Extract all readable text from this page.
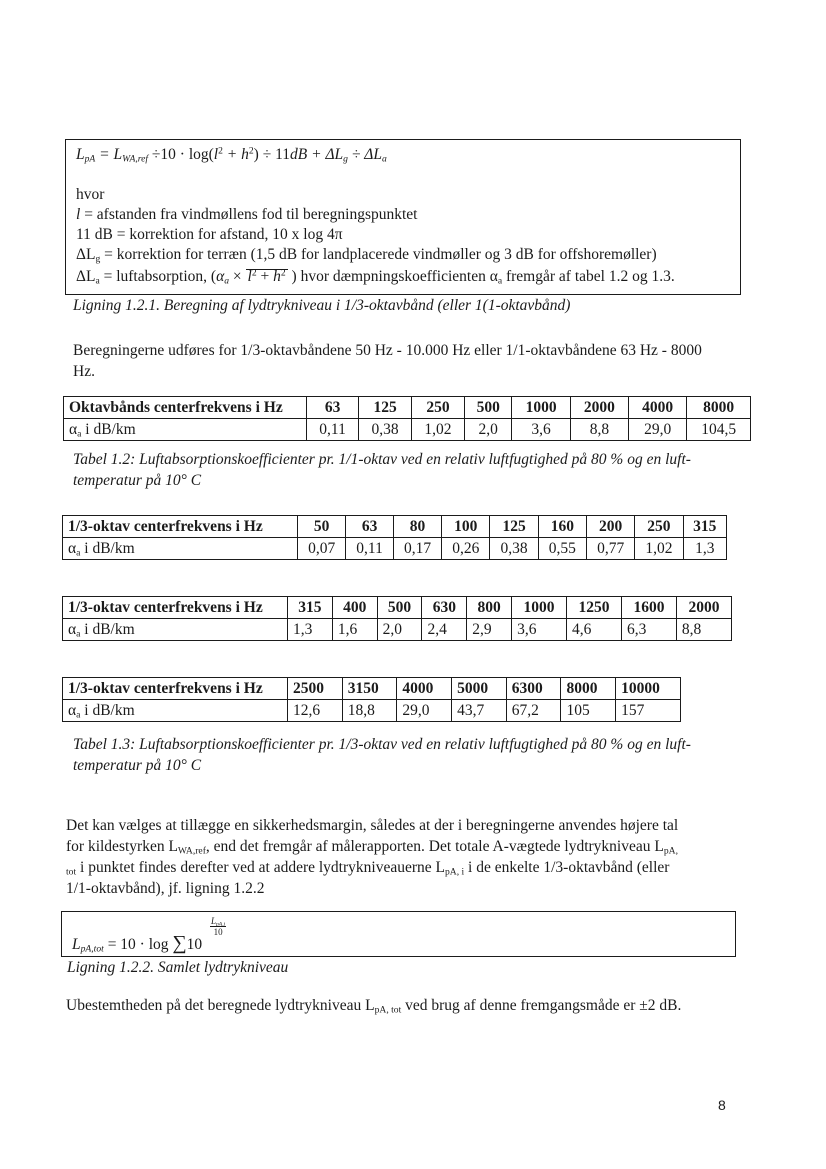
$L_{pA} = L_{WA,ref} \div 10 \cdot \log(l^2 + h^2) \div 11dB + \Delta L_g \div \Delta L_a$
hvor
l = afstanden fra vindmøllens fod til beregningspunktet
11 dB = korrektion for afstand, 10 x log 4π
$\Delta L_g$ = korrektion for terræn (1,5 dB for landplacerede vindmøller og 3 dB for offshoremøller)
$\Delta L_a$ = luftabsorption, ($\alpha_a \times l^2 + h^2$ ) hvor dæmpningskoefficienten $\alpha_a$ fremgår af tabel 1.2 og 1.3.
Ligning 1.2.1. Beregning af lydtrykniveau i 1/3-oktavbånd (eller 1(1-oktavbånd)
Beregningerne udføres for 1/3-oktavbåndene 50 Hz - 10.000 Hz eller 1/1-oktavbåndene 63 Hz - 8000 Hz.
Oktavbånds centerfrekvens i Hz	63	125	250	500	1000	2000	4000	8000
$\alpha_a$ i dB/km	0,11	0,38	1,02	2,0	3,6	8,8	29,0	104,5
Tabel 1.2: Luftabsorptionskoefficienter pr. 1/1-oktav ved en relativ luftfugtighed på 80 % og en luft-temperatur på 10° C
1/3-oktav centerfrekvens i Hz	50	63	80	100	125	160	200	250	315
$\alpha_a$ i dB/km	0,07	0,11	0,17	0,26	0,38	0,55	0,77	1,02	1,3
1/3-oktav centerfrekvens i Hz	315	400	500	630	800	1000	1250	1600	2000
$\alpha_a$ i dB/km	1,3	1,6	2,0	2,4	2,9	3,6	4,6	6,3	8,8
1/3-oktav centerfrekvens i Hz	2500	3150	4000	5000	6300	8000	10000
$\alpha_a$ i dB/km	12,6	18,8	29,0	43,7	67,2	105	157
Tabel 1.3: Luftabsorptionskoefficienter pr. 1/3-oktav ved en relativ luftfugtighed på 80 % og en luft-temperatur på 10° C
Det kan vælges at tillægge en sikkerhedsmargin, således at der i beregningerne anvendes højere tal
for kildestyrken $L_{WA,ref}$, end det fremgår af målerapporten. Det totale A-vægtede lydtrykniveau $L_{pA,}$
$_{tot}$ i punktet findes derefter ved at addere lydtrykniveauerne $L_{pA, i}$ i de enkelte 1/3-oktavbånd (eller
1/1-oktavbånd), jf. ligning 1.2.2
$L_{pA,tot} = 10 \cdot \log \sum 10$
$L_{pA,i}$
10
Ligning 1.2.2. Samlet lydtrykniveau
Ubestemtheden på det beregnede lydtrykniveau $L_{pA, tot}$ ved brug af denne fremgangsmåde er ±2 dB.
8
